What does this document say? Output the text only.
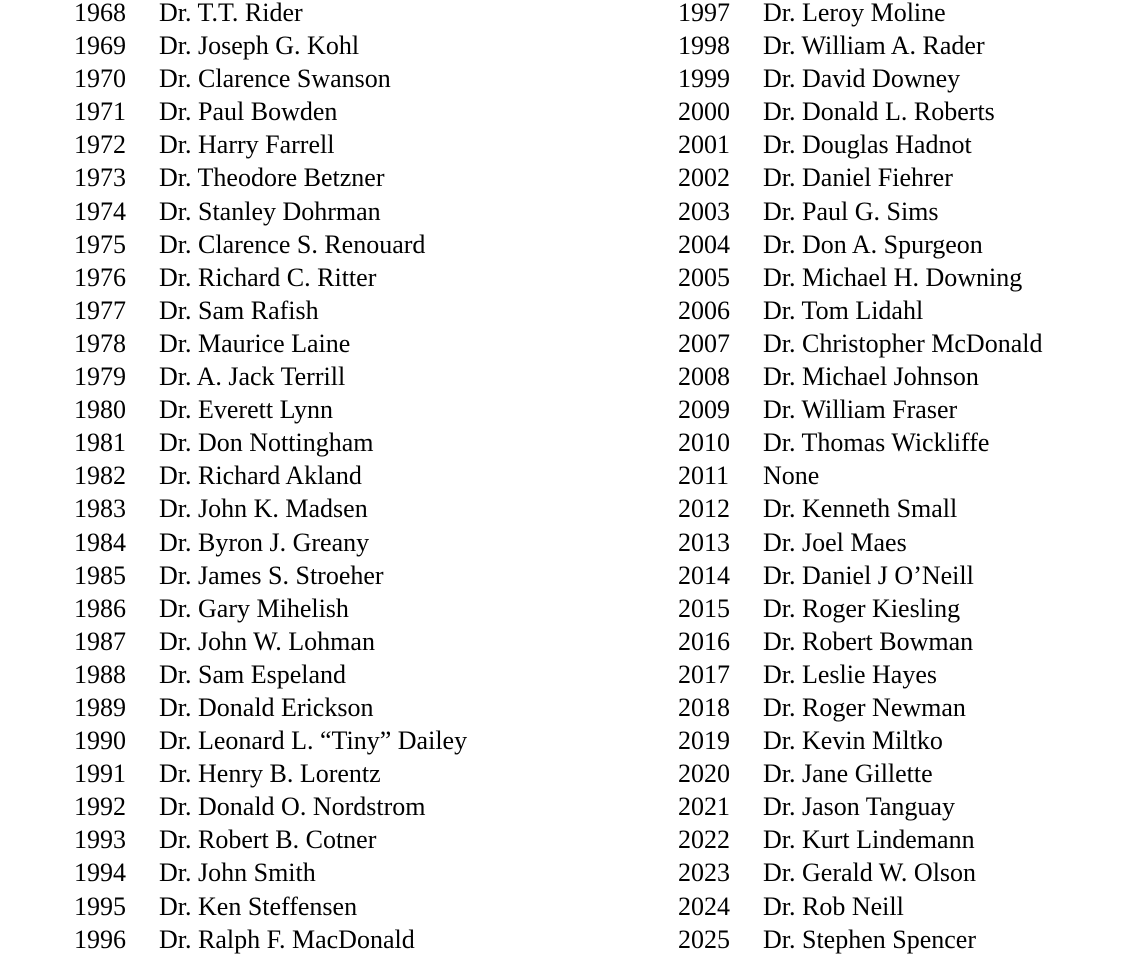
1968	Dr. T.T. Rider
1969	Dr. Joseph G. Kohl
1970	Dr. Clarence Swanson
1971	Dr. Paul Bowden
1972	Dr. Harry Farrell
1973	Dr. Theodore Betzner
1974	Dr. Stanley Dohrman
1975	Dr. Clarence S. Renouard
1976	Dr. Richard C. Ritter
1977	Dr. Sam Rafish
1978	Dr. Maurice Laine
1979	Dr. A. Jack Terrill
1980	Dr. Everett Lynn
1981	Dr. Don Nottingham
1982	Dr. Richard Akland
1983	Dr. John K. Madsen
1984	Dr. Byron J. Greany
1985	Dr. James S. Stroeher
1986	Dr. Gary Mihelish
1987	Dr. John W. Lohman
1988	Dr. Sam Espeland
1989	Dr. Donald Erickson
1990	Dr. Leonard L. “Tiny” Dailey
1991	Dr. Henry B. Lorentz
1992	Dr. Donald O. Nordstrom
1993	Dr. Robert B. Cotner
1994	Dr. John Smith
1995	Dr. Ken Steffensen
1996	Dr. Ralph F. MacDonald
1997	Dr. Leroy Moline
1998	Dr. William A. Rader
1999	Dr. David Downey
2000	Dr. Donald L. Roberts
2001	Dr. Douglas Hadnot
2002	Dr. Daniel Fiehrer
2003	Dr. Paul G. Sims
2004	Dr. Don A. Spurgeon
2005	Dr. Michael H. Downing
2006	Dr. Tom Lidahl
2007	Dr. Christopher McDonald
2008	Dr. Michael Johnson
2009	Dr. William Fraser
2010	Dr. Thomas Wickliffe
2011	None
2012	Dr. Kenneth Small
2013	Dr. Joel Maes
2014	Dr. Daniel J O’Neill
2015	Dr. Roger Kiesling
2016	Dr. Robert Bowman
2017	Dr. Leslie Hayes
2018	Dr. Roger Newman
2019	Dr. Kevin Miltko
2020	Dr. Jane Gillette
2021	Dr. Jason Tanguay
2022	Dr. Kurt Lindemann
2023	Dr. Gerald W. Olson
2024	Dr. Rob Neill
2025	Dr. Stephen Spencer
